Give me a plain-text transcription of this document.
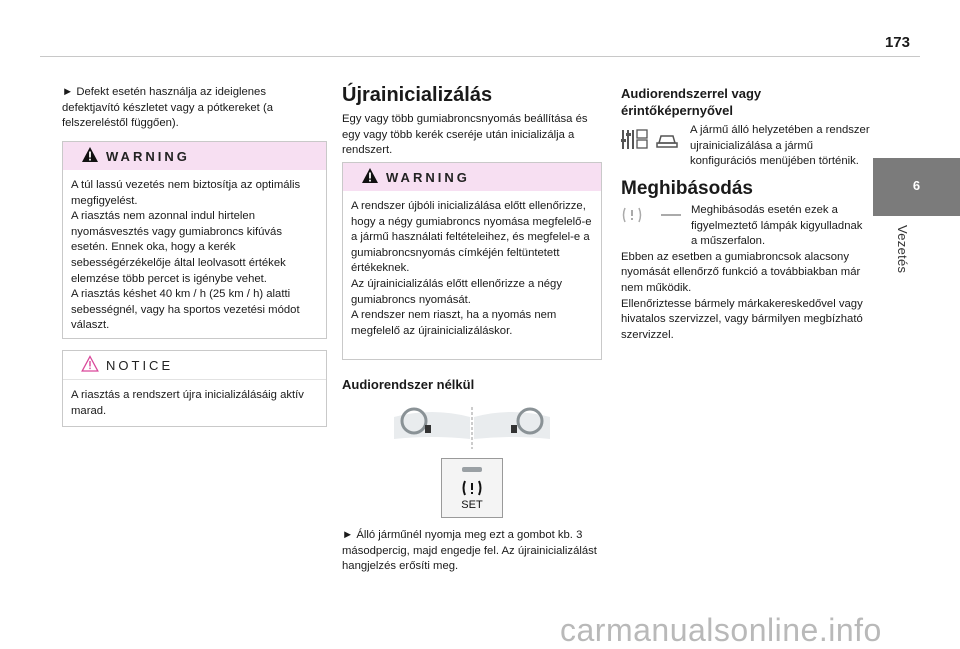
173
6
Vezetés

► Defekt esetén használja az ideiglenes defektjavító készletet vagy a pótkereket (a felszereléstől függően).

WARNING

A túl lassú vezetés nem biztosítja az optimális megfigyelést.

A riasztás nem azonnal indul hirtelen nyomásvesztés vagy gumiabroncs kifúvás esetén. Ennek oka, hogy a kerék sebességérzékelője által leolvasott értékek elemzése több percet is igénybe vehet.

A riasztás késhet 40 km / h (25 km / h) alatti sebességnél, vagy ha sportos vezetési módot választ.

NOTICE

A riasztás a rendszert újra inicializálásáig aktív marad.

Újrainicializálás

Egy vagy több gumiabroncsnyomás beállítása és egy vagy több kerék cseréje után inicializálja a rendszert.

WARNING

A rendszer újbóli inicializálása előtt ellenőrizze, hogy a négy gumiabroncs nyomása megfelelő-e a jármű használati feltételeihez, és megfelel-e a gumiabroncsnyomás címkéjén feltüntetett értékeknek.

Az újrainicializálás előtt ellenőrizze a négy gumiabroncs nyomását.

A rendszer nem riaszt, ha a nyomás nem megfelelő az újrainicializáláskor.

Audiorendszer nélkül

SET

► Álló járműnél nyomja meg ezt a gombot kb. 3 másodpercig, majd engedje fel. Az újrainicializálást hangjelzés erősíti meg.

Audiorendszerrel vagy érintőképernyővel

A jármű álló helyzetében a rendszer ujrainicializálása a jármű konfigurációs menüjében történik.

Meghibásodás

Meghibásodás esetén ezek a figyelmeztető lámpák kigyulladnak a műszerfalon.

Ebben az esetben a gumiabroncsok alacsony nyomását ellenőrző funkció a továbbiakban már nem működik.

Ellenőriztesse bármely márkakereskedővel vagy hivatalos szervizzel, vagy bármilyen megbízható szervizzel.

carmanualsonline.info
